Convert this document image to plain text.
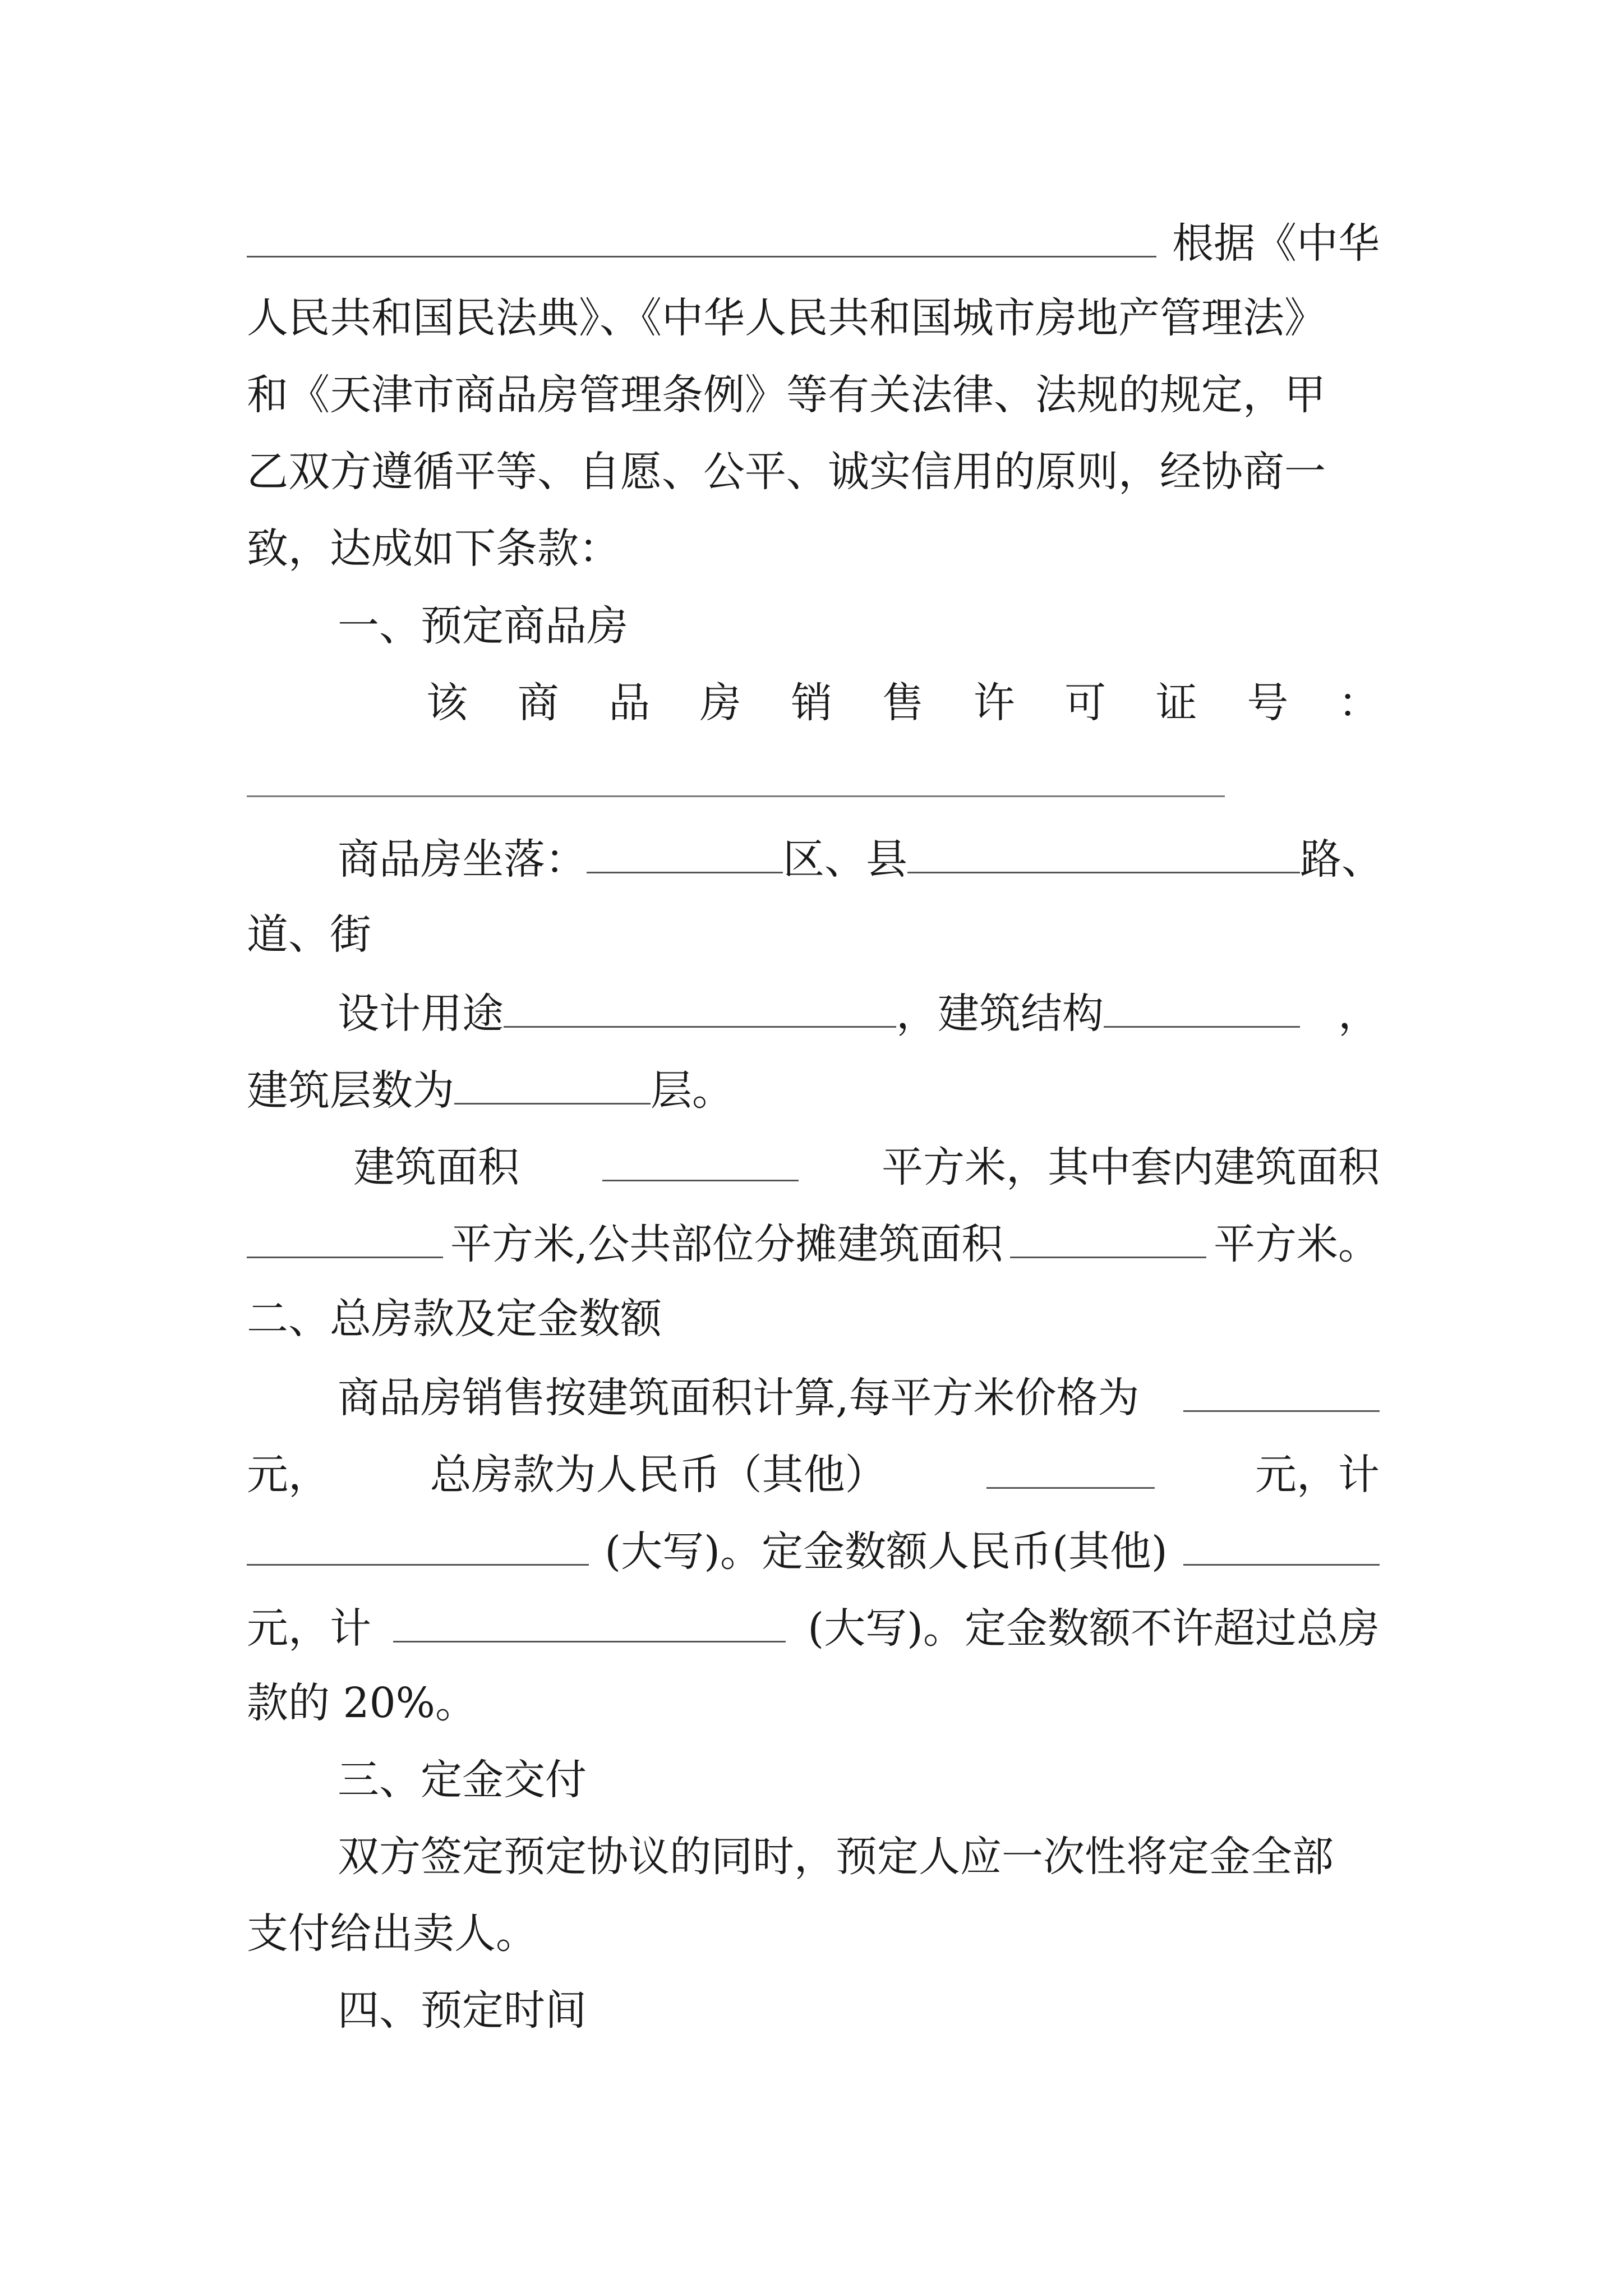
根据《中华
人民共和国民法典》、《中华人民共和国城市房地产管理法》
和《天津市商品房管理条例》等有关法律、法规的规定，甲
乙双方遵循平等、自愿、公平、诚实信用的原则，经协商一
致，达成如下条款：
一、预定商品房
该 商 品 房 销 售 许 可 证 号 ：
商品房坐落：	区、县	路、
道、街
设计用途	，建筑结构	，
建筑层数为	层。
建筑面积	平方米，其中套内建筑面积
平方米,公共部位分摊建筑面积	平方米。
二、总房款及定金数额
商品房销售按建筑面积计算,每平方米价格为
元， 总房款为人民币（其他）	元，计
(大写)。定金数额人民币(其他)
元，计	(大写)。定金数额不许超过总房
款的 20%。
三、定金交付
双方签定预定协议的同时，预定人应一次性将定金全部
支付给出卖人。
四、预定时间
